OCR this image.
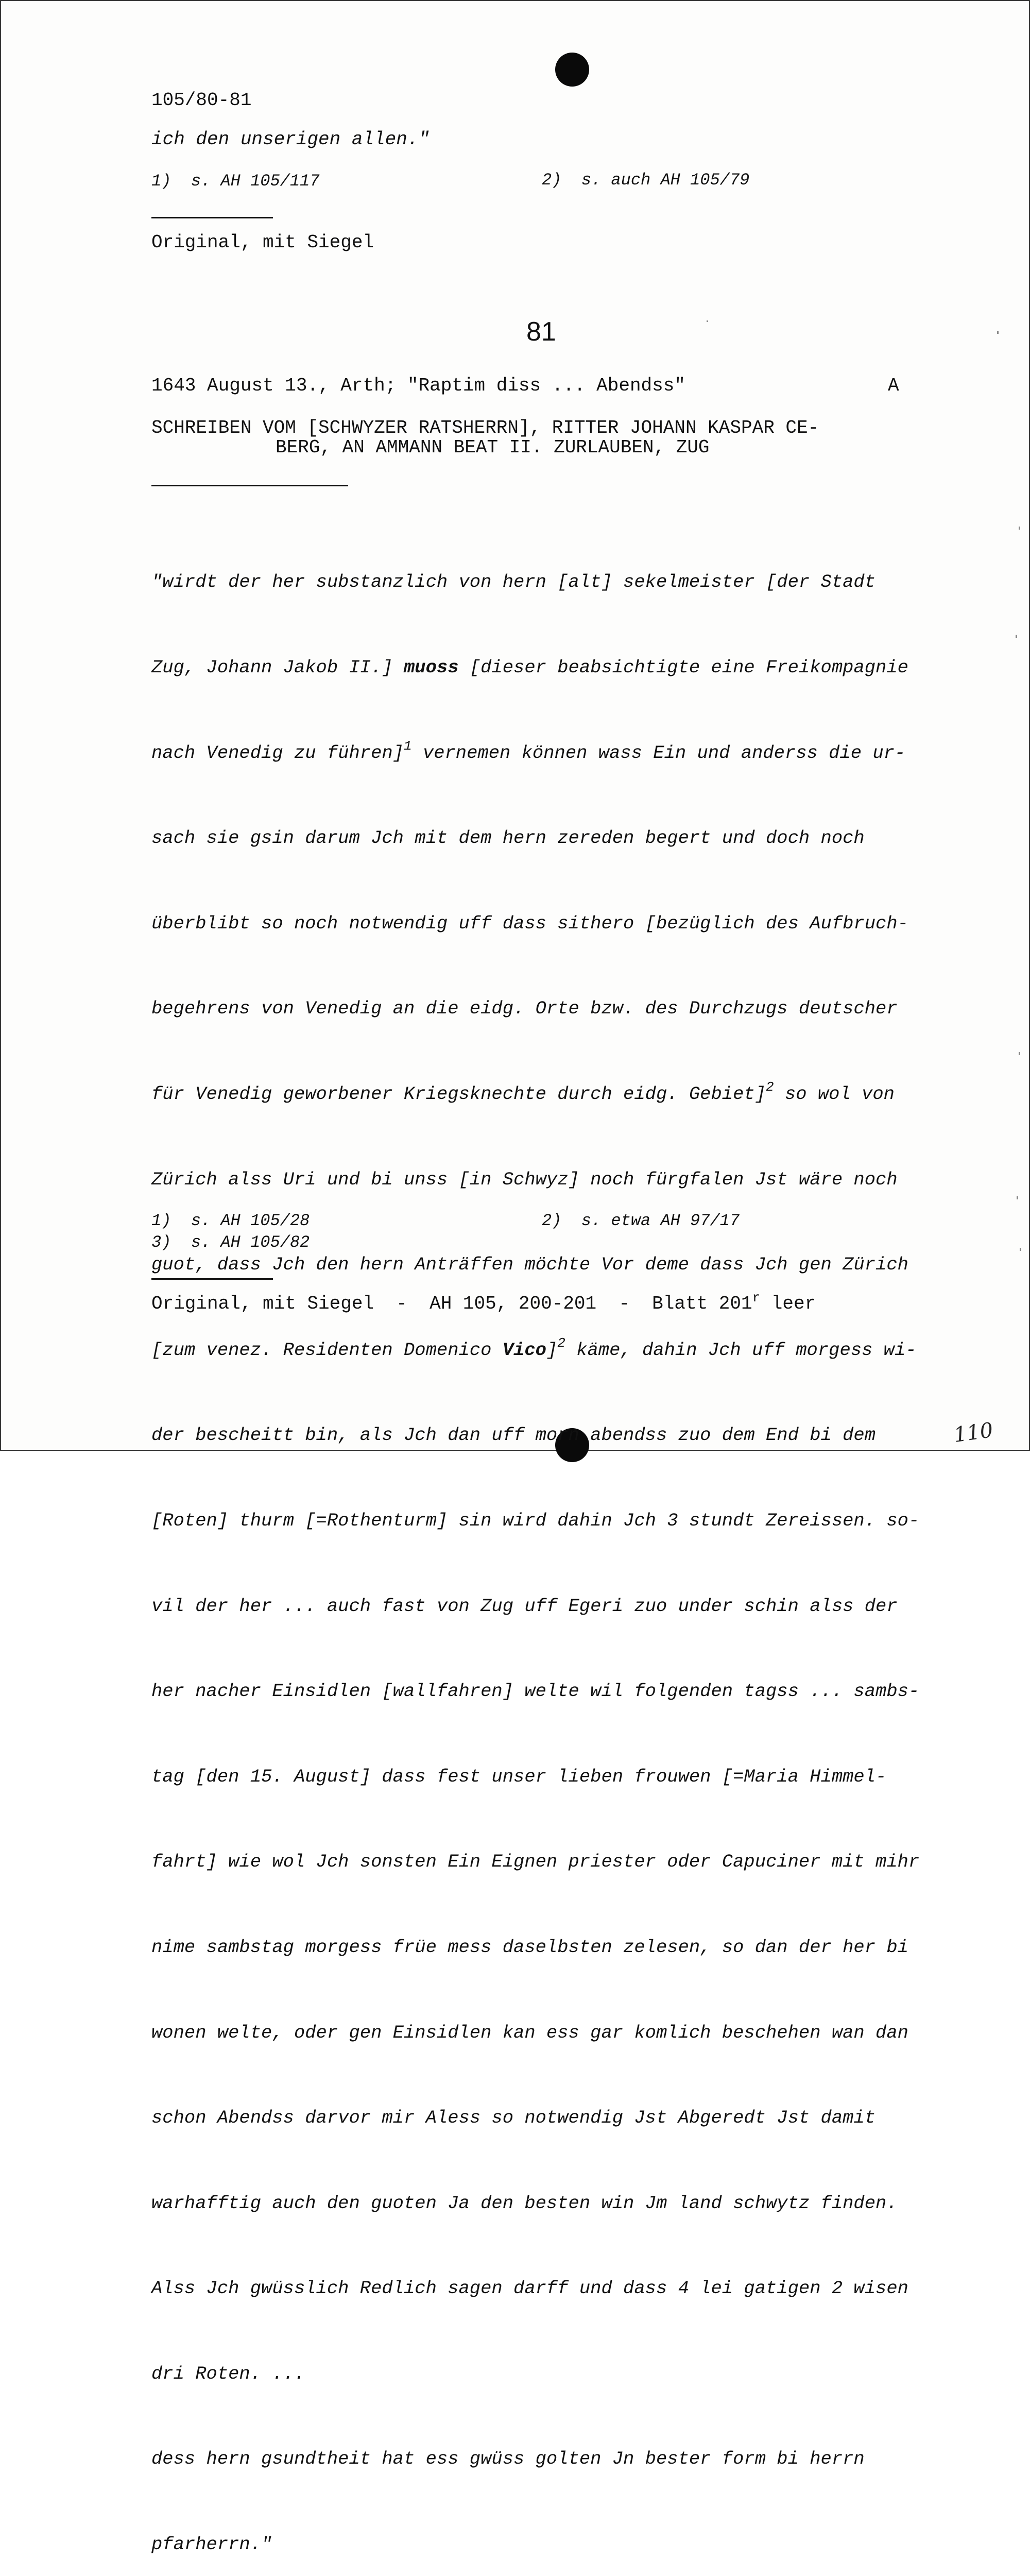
105/80-81
ich den unserigen allen."
1)  s. AH 105/117	2)  s. auch AH 105/79
Original, mit Siegel
81
1643 August 13., Arth; "Raptim diss ... Abendss"	A
SCHREIBEN VOM [SCHWYZER RATSHERRN], RITTER JOHANN KASPAR CE-
BERG, AN AMMANN BEAT II. ZURLAUBEN, ZUG

"wirdt der her substanzlich von hern [alt] sekelmeister [der Stadt

Zug, Johann Jakob II.] muoss [dieser beabsichtigte eine Freikompagnie

nach Venedig zu führen]$^1$ vernemen können wass Ein und anderss die ur-

sach sie gsin darum Jch mit dem hern zereden begert und doch noch

überblibt so noch notwendig uff dass sithero [bezüglich des Aufbruch-

begehrens von Venedig an die eidg. Orte bzw. des Durchzugs deutscher

für Venedig geworbener Kriegsknechte durch eidg. Gebiet]$^2$ so wol von

Zürich alss Uri und bi unss [in Schwyz] noch fürgfalen Jst wäre noch

guot, dass Jch den hern Anträffen möchte Vor deme dass Jch gen Zürich

[zum venez. Residenten Domenico Vico]$^2$ käme, dahin Jch uff morgess wi-

der bescheitt bin, als Jch dan uff morn abendss zuo dem End bi dem

[Roten] thurm [=Rothenturm] sin wird dahin Jch 3 stundt Zereissen. so-

vil der her ... auch fast von Zug uff Egeri zuo under schin alss der

her nacher Einsidlen [wallfahren] welte wil folgenden tagss ... sambs-

tag [den 15. August] dass fest unser lieben frouwen [=Maria Himmel-

fahrt] wie wol Jch sonsten Ein Eignen priester oder Capuciner mit mihr

nime sambstag morgess früe mess daselbsten zelesen, so dan der her bi

wonen welte, oder gen Einsidlen kan ess gar komlich beschehen wan dan

schon Abendss darvor mir Aless so notwendig Jst Abgeredt Jst damit

warhafftig auch den guoten Ja den besten win Jm land schwytz finden.

Alss Jch gwüsslich Redlich sagen darff und dass 4 lei gatigen 2 wisen

dri Roten. ...

dess hern gsundtheit hat ess gwüss golten Jn bester form bi herrn

pfarherrn."

1)  s. AH 105/28	2)  s. etwa AH 97/17
3)  s. AH 105/82
Original, mit Siegel  -  AH 105, 200-201  -  Blatt 201$^r$ leer
110
